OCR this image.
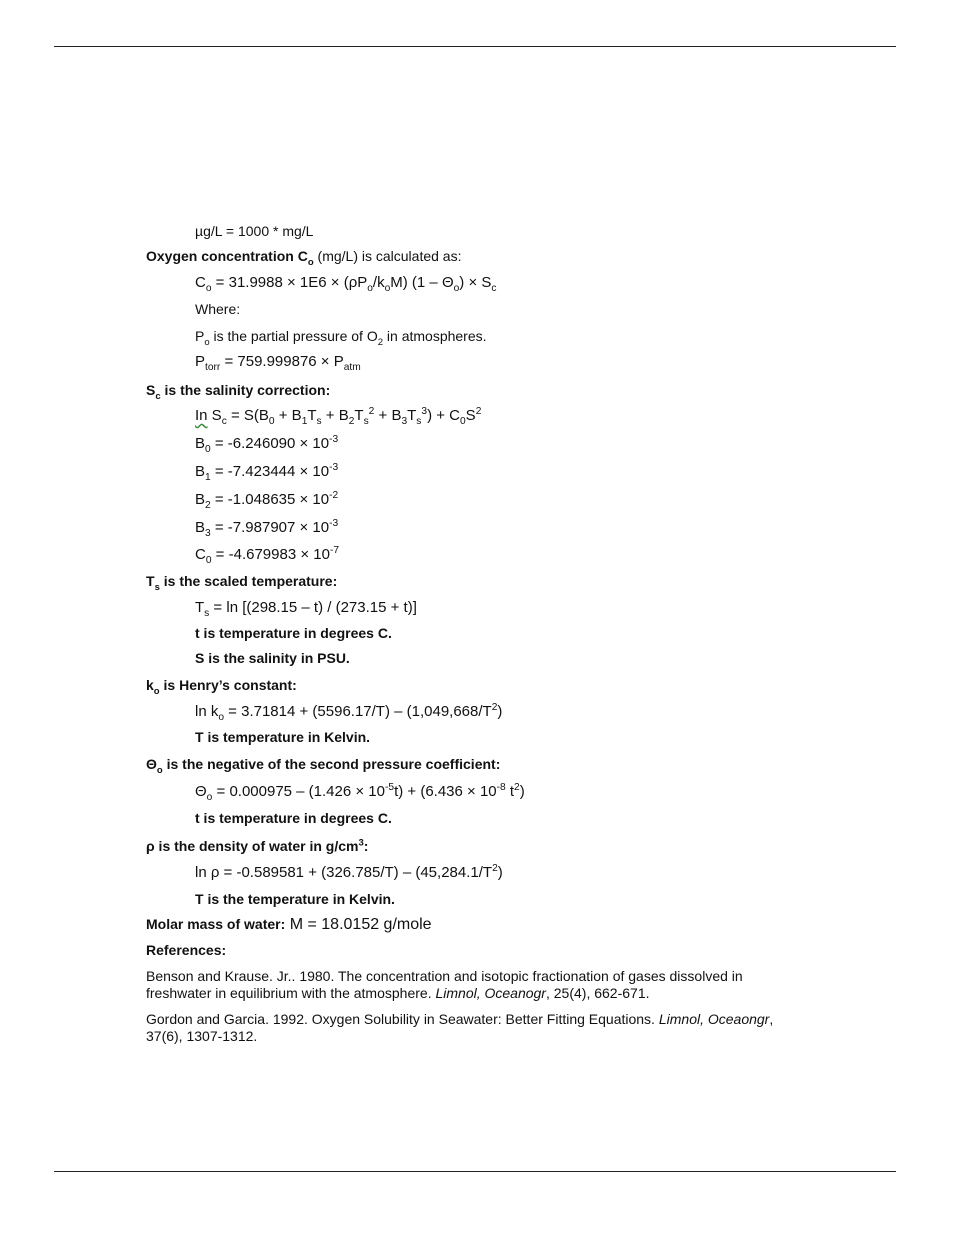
µg/L = 1000 * mg/L
Oxygen concentration $C_o$ (mg/L) is calculated as:
$C_o = 31.9988 \times 1E6 \times (\rho P_o/k_oM)$ $(1 - \Theta_o) \times S_c$
Where:
$P_o$ is the partial pressure of $O_2$ in atmospheres.
$P_{torr} = 759.999876 \times P_{atm}$
$S_c$ is the salinity correction:
In $S_c = S(B_0 + B_1T_s + B_2T_s^2 + B_3T_s^3) + C_0S^2$
$B_0 = -6.246090 \times 10^{-3}$
$B_1 = -7.423444 \times 10^{-3}$
$B_2 = -1.048635 \times 10^{-2}$
$B_3 = -7.987907 \times 10^{-3}$
$C_0 = -4.679983 \times 10^{-7}$
$T_s$ is the scaled temperature:
$T_s = \ln [(298.15 - t) / (273.15 + t)]$
t is temperature in degrees C.
S is the salinity in PSU.
$k_o$ is Henry’s constant:
$\ln k_o = 3.71814 + (5596.17/T) - (1,049,668/T^2)$
T is temperature in Kelvin.
$\Theta_o$ is the negative of the second pressure coefficient:
$\Theta_o = 0.000975 - (1.426 \times 10^{-5}t) + (6.436 \times 10^{-8}$ $t^2$)
t is temperature in degrees C.
ρ is the density of water in $g/cm^3$:
$\ln \rho = -0.589581 + (326.785/T) - (45,284.1/T^2)$
T is the temperature in Kelvin.
Molar mass of water: M = 18.0152 g/mole
References:
Benson and Krause. Jr.. 1980. The concentration and isotopic fractionation of gases dissolved in freshwater in equilibrium with the atmosphere. Limnol, Oceanogr, 25(4), 662-671.
Gordon and Garcia. 1992. Oxygen Solubility in Seawater: Better Fitting Equations. Limnol, Oceaongr, 37(6), 1307-1312.
